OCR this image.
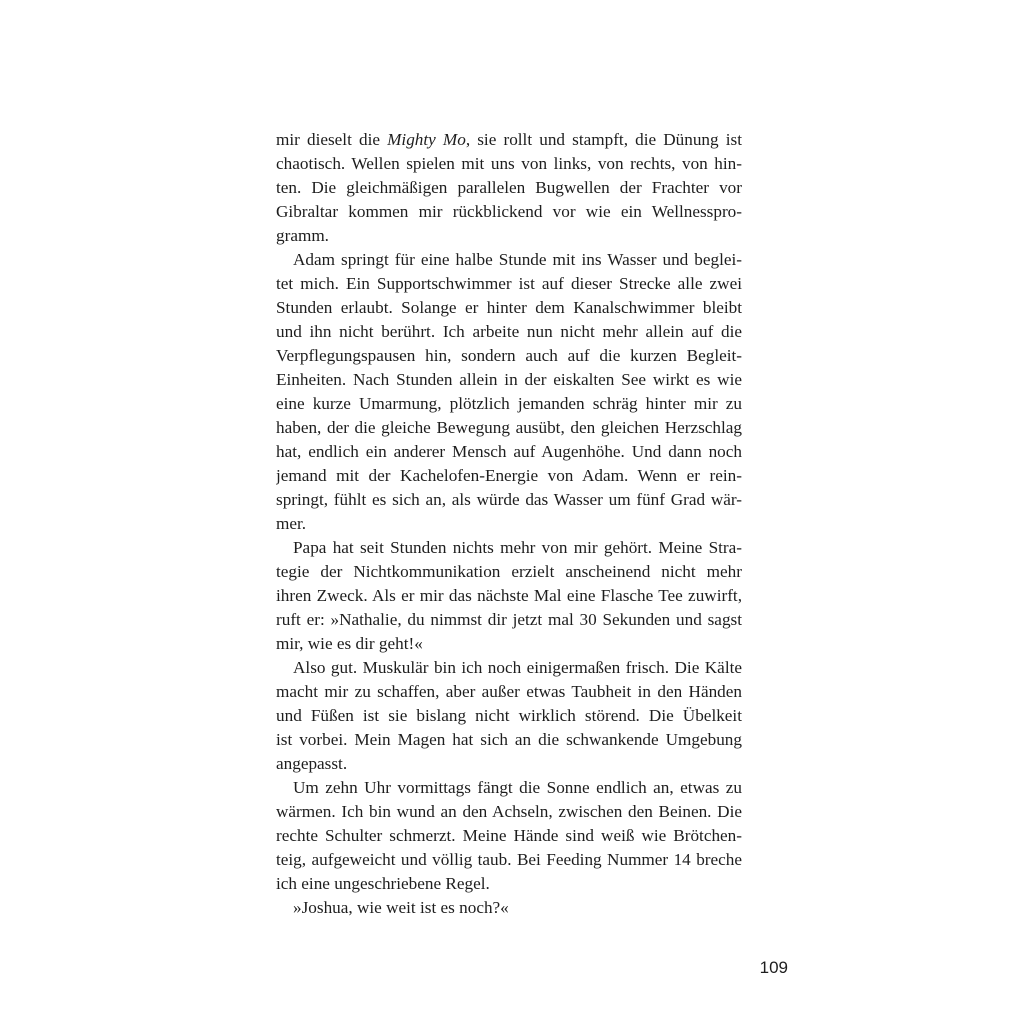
mir dieselt die Mighty Mo, sie rollt und stampft, die Dünung ist
chaotisch. Wellen spielen mit uns von links, von rechts, von hin-
ten. Die gleichmäßigen parallelen Bugwellen der Frachter vor
Gibraltar kommen mir rückblickend vor wie ein Wellnesspro-
gramm.
Adam springt für eine halbe Stunde mit ins Wasser und beglei-
tet mich. Ein Supportschwimmer ist auf dieser Strecke alle zwei
Stunden erlaubt. Solange er hinter dem Kanalschwimmer bleibt
und ihn nicht berührt. Ich arbeite nun nicht mehr allein auf die
Verpflegungspausen hin, sondern auch auf die kurzen Begleit-
Einheiten. Nach Stunden allein in der eiskalten See wirkt es wie
eine kurze Umarmung, plötzlich jemanden schräg hinter mir zu
haben, der die gleiche Bewegung ausübt, den gleichen Herzschlag
hat, endlich ein anderer Mensch auf Augenhöhe. Und dann noch
jemand mit der Kachelofen-Energie von Adam. Wenn er rein-
springt, fühlt es sich an, als würde das Wasser um fünf Grad wär-
mer.
Papa hat seit Stunden nichts mehr von mir gehört. Meine Stra-
tegie der Nichtkommunikation erzielt anscheinend nicht mehr
ihren Zweck. Als er mir das nächste Mal eine Flasche Tee zuwirft,
ruft er: »Nathalie, du nimmst dir jetzt mal 30 Sekunden und sagst
mir, wie es dir geht!«
Also gut. Muskulär bin ich noch einigermaßen frisch. Die Kälte
macht mir zu schaffen, aber außer etwas Taubheit in den Händen
und Füßen ist sie bislang nicht wirklich störend. Die Übelkeit
ist vorbei. Mein Magen hat sich an die schwankende Umgebung
angepasst.
Um zehn Uhr vormittags fängt die Sonne endlich an, etwas zu
wärmen. Ich bin wund an den Achseln, zwischen den Beinen. Die
rechte Schulter schmerzt. Meine Hände sind weiß wie Brötchen-
teig, aufgeweicht und völlig taub. Bei Feeding Nummer 14 breche
ich eine ungeschriebene Regel.
»Joshua, wie weit ist es noch?«
109
